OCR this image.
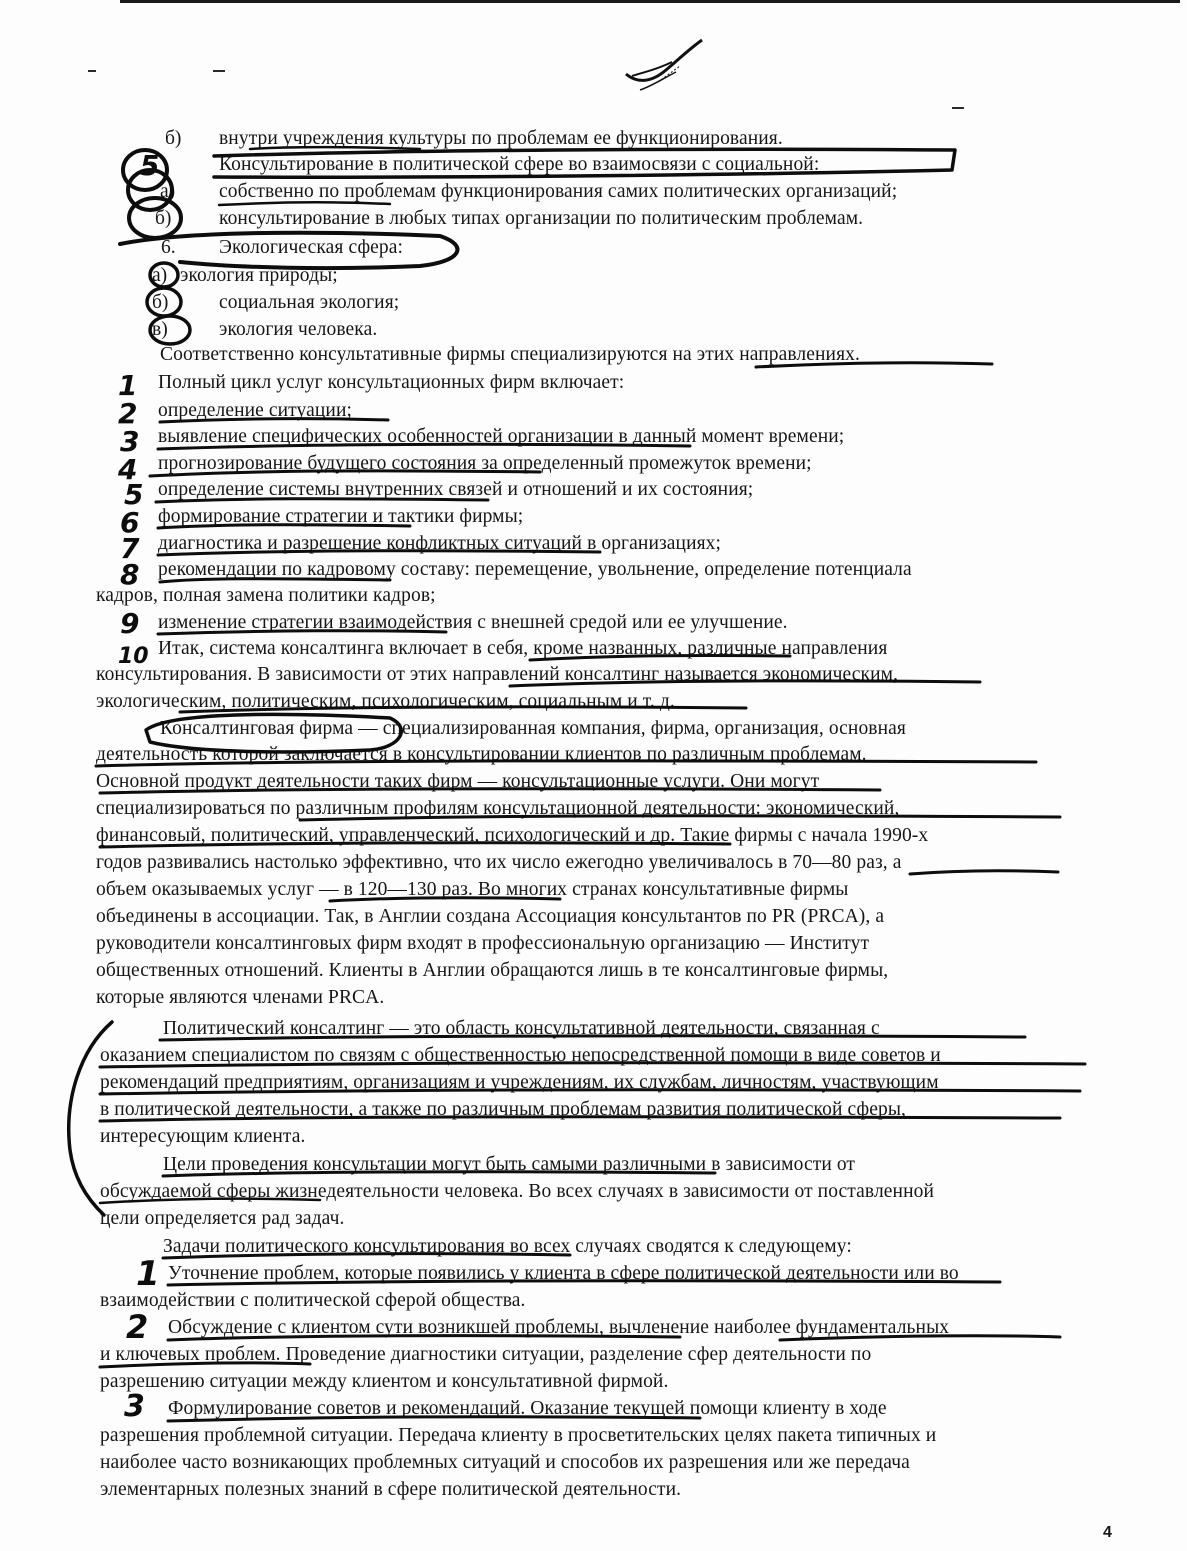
б) внутри учреждения культуры по проблемам ее функционирования.
Консультирование в политической сфере во взаимосвязи с социальной:
а) собственно по проблемам функционирования самих политических организаций;
б) консультирование в любых типах организации по политическим проблемам.
6. Экологическая сфера:
а) экология природы;
б)	социальная экология;
в)	экология человека.
Соответственно консультативные фирмы специализируются на этих направлениях.
Полный цикл услуг консультационных фирм включает:
определение ситуации;
выявление специфических особенностей организации в данный момент времени;
прогнозирование будущего состояния за определенный промежуток времени;
определение системы внутренних связей и отношений и их состояния;
формирование стратегии и тактики фирмы;
диагностика и разрешение конфликтных ситуаций в организациях;
рекомендации по кадровому составу: перемещение, увольнение, определение потенциала
кадров, полная замена политики кадров;
изменение стратегии взаимодействия с внешней средой или ее улучшение.
Итак, система консалтинга включает в себя, кроме названных, различные направления
консультирования. В зависимости от этих направлений консалтинг называется экономическим,
экологическим, политическим, психологическим, социальным и т. д.
Консалтинговая фирма — специализированная компания, фирма, организация, основная
деятельность которой заключается в консультировании клиентов по различным проблемам.
Основной продукт деятельности таких фирм — консультационные услуги. Они могут
специализироваться по различным профилям консультационной деятельности: экономический,
финансовый, политический, управленческий, психологический и др. Такие фирмы с начала 1990-х
годов развивались настолько эффективно, что их число ежегодно увеличивалось в 70—80 раз, а
объем оказываемых услуг — в 120—130 раз. Во многих странах консультативные фирмы
объединены в ассоциации. Так, в Англии создана Ассоциация консультантов по PR (PRCA), а
руководители консалтинговых фирм входят в профессиональную организацию — Институт
общественных отношений. Клиенты в Англии обращаются лишь в те консалтинговые фирмы,
которые являются членами PRCA.
Политический консалтинг — это область консультативной деятельности, связанная с
оказанием специалистом по связям с общественностью непосредственной помощи в виде советов и
рекомендаций предприятиям, организациям и учреждениям, их службам, личностям, участвующим
в политической деятельности, а также по различным проблемам развития политической сферы,
интересующим клиента.
Цели проведения консультации могут быть самыми различными в зависимости от
обсуждаемой сферы жизнедеятельности человека. Во всех случаях в зависимости от поставленной
цели определяется рад задач.
Задачи политического консультирования во всех случаях сводятся к следующему:
Уточнение проблем, которые появились у клиента в сфере политической деятельности или во
взаимодействии с политической сферой общества.
Обсуждение с клиентом сути возникшей проблемы, вычленение наиболее фундаментальных
и ключевых проблем. Проведение диагностики ситуации, разделение сфер деятельности по
разрешению ситуации между клиентом и консультативной фирмой.
Формулирование советов и рекомендаций. Оказание текущей помощи клиенту в ходе
разрешения проблемной ситуации. Передача клиенту в просветительских целях пакета типичных и
наиболее часто возникающих проблемных ситуаций и способов их разрешения или же передача
элементарных полезных знаний в сфере политической деятельности.
4
5
1
2
3
4
5
6
7
8
9
10
1
2
3
